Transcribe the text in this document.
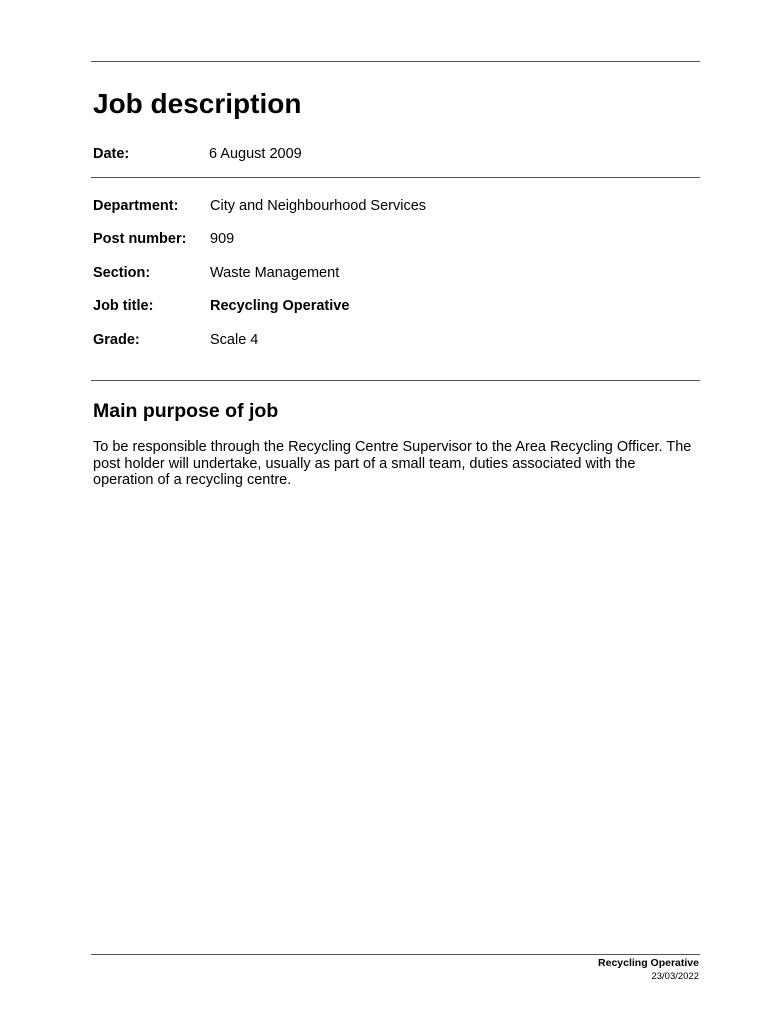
Job description
Date:	6 August 2009
Department: City and Neighbourhood Services
Post number: 909
Section:	Waste Management
Job title:	Recycling Operative
Grade:	Scale 4
Main purpose of job

To be responsible through the Recycling Centre Supervisor to the Area Recycling Officer. The post holder will undertake, usually as part of a small team, duties associated with the operation of a recycling centre.

Recycling Operative
23/03/2022
